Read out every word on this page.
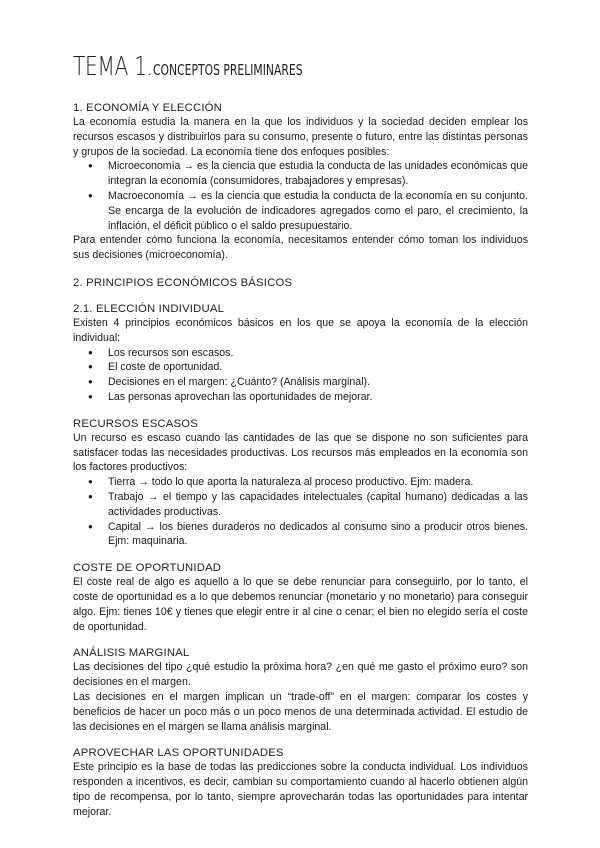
TEMA 1. CONCEPTOS PRELIMINARES
1. ECONOMÍA Y ELECCIÓN

La economía estudia la manera en la que los individuos y la sociedad deciden emplear los recursos escasos y distribuirlos para su consumo, presente o futuro, entre las distintas personas y grupos de la sociedad. La economía tiene dos enfoques posibles:

● Microeconomía → es la ciencia que estudia la conducta de las unidades económicas que integran la economía (consumidores, trabajadores y empresas).
● Macroeconomía → es la ciencia que estudia la conducta de la economía en su conjunto. Se encarga de la evolución de indicadores agregados como el paro, el crecimiento, la inflación, el déficit público o el saldo presupuestario.

Para entender cómo funciona la economía, necesitamos entender cómo toman los individuos sus decisiones (microeconomía).

2. PRINCIPIOS ECONÓMICOS BÁSICOS
2.1. ELECCIÓN INDIVIDUAL

Existen 4 principios económicos básicos en los que se apoya la economía de la elección individual:

● Los recursos son escasos.
● El coste de oportunidad.
● Decisiones en el margen: ¿Cuánto? (Análisis marginal).
● Las personas aprovechan las oportunidades de mejorar.
RECURSOS ESCASOS

Un recurso es escaso cuando las cantidades de las que se dispone no son suficientes para satisfacer todas las necesidades productivas. Los recursos más empleados en la economía son los factores productivos:

● Tierra → todo lo que aporta la naturaleza al proceso productivo. Ejm: madera.
● Trabajo → el tiempo y las capacidades intelectuales (capital humano) dedicadas a las actividades productivas.
● Capital → los bienes duraderos no dedicados al consumo sino a producir otros bienes. Ejm: maquinaria.
COSTE DE OPORTUNIDAD

El coste real de algo es aquello a lo que se debe renunciar para conseguirlo, por lo tanto, el coste de oportunidad es a lo que debemos renunciar (monetario y no monetario) para conseguir algo. Ejm: tienes 10€ y tienes que elegir entre ir al cine o cenar; el bien no elegido sería el coste de oportunidad.

ANÁLISIS MARGINAL

Las decisiones del tipo ¿qué estudio la próxima hora? ¿en qué me gasto el próximo euro? son decisiones en el margen.

Las decisiones en el margen implican un “trade-off” en el margen: comparar los costes y beneficios de hacer un poco más o un poco menos de una determinada actividad. El estudio de las decisiones en el margen se llama análisis marginal.

APROVECHAR LAS OPORTUNIDADES

Este principio es la base de todas las predicciones sobre la conducta individual. Los individuos responden a incentivos, es decir, cambian su comportamiento cuando al hacerlo obtienen algún tipo de recompensa, por lo tanto, siempre aprovecharán todas las oportunidades para intentar mejorar.
